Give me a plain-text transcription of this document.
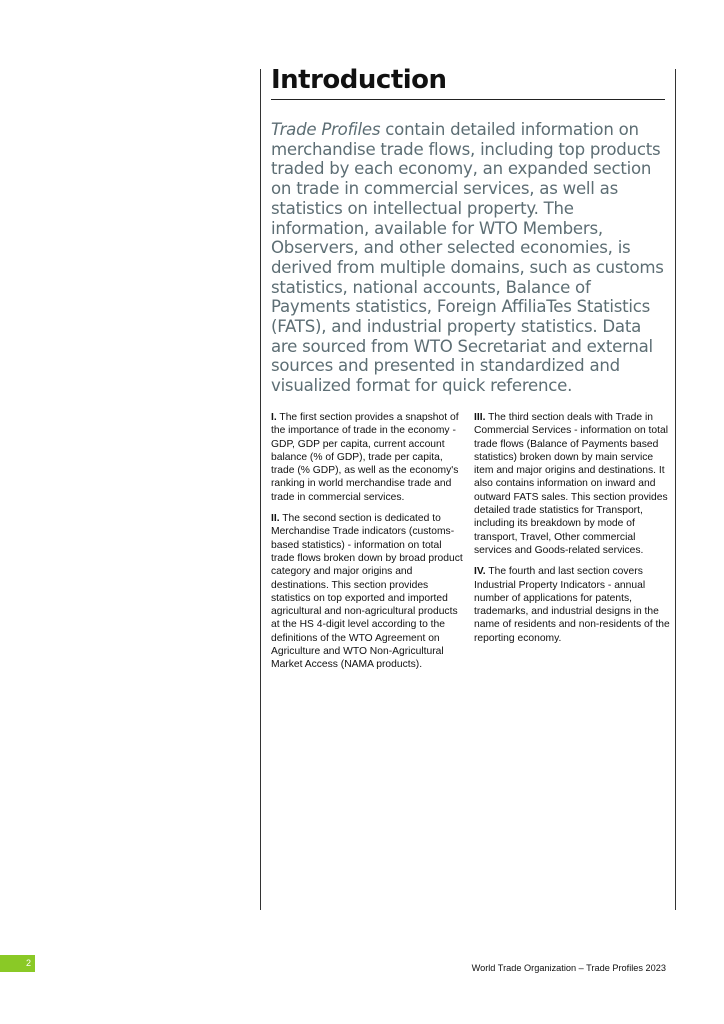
Introduction

Trade Profiles contain detailed information on merchandise trade flows, including top products traded by each economy, an expanded section on trade in commercial services, as well as statistics on intellectual property. The information, available for WTO Members, Observers, and other selected economies, is derived from multiple domains, such as customs statistics, national accounts, Balance of Payments statistics, Foreign AffiliaTes Statistics (FATS), and industrial property statistics. Data are sourced from WTO Secretariat and external sources and presented in standardized and visualized format for quick reference.

I. The first section provides a snapshot of the importance of trade in the economy - GDP, GDP per capita, current account balance (% of GDP), trade per capita, trade (% GDP), as well as the economy's ranking in world merchandise trade and trade in commercial services.

II. The second section is dedicated to Merchandise Trade indicators (customs-based statistics) - information on total trade flows broken down by broad product category and major origins and destinations. This section provides statistics on top exported and imported agricultural and non-agricultural products at the HS 4-digit level according to the definitions of the WTO Agreement on Agriculture and WTO Non-Agricultural Market Access (NAMA products).

III. The third section deals with Trade in Commercial Services - information on total trade flows (Balance of Payments based statistics) broken down by main service item and major origins and destinations. It also contains information on inward and outward FATS sales. This section provides detailed trade statistics for Transport, including its breakdown by mode of transport, Travel, Other commercial services and Goods-related services.

IV. The fourth and last section covers Industrial Property Indicators - annual number of applications for patents, trademarks, and industrial designs in the name of residents and non-residents of the reporting economy.

2	World Trade Organization – Trade Profiles 2023
